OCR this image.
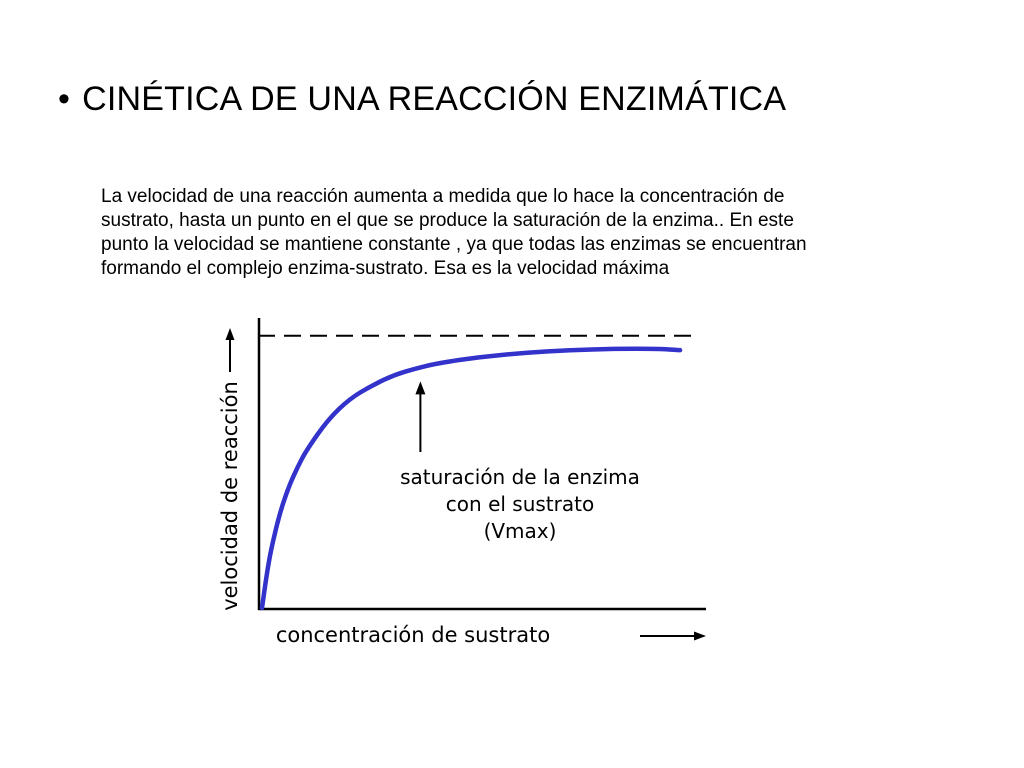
• CINÉTICA DE UNA REACCIÓN ENZIMÁTICA

La velocidad de una reacción aumenta a medida que lo hace la concentración de
sustrato, hasta un punto en el que se produce la saturación de la enzima.. En este
punto la velocidad se mantiene constante , ya que todas las enzimas se encuentran
formando el complejo enzima-sustrato. Esa es la velocidad máxima

saturación de la enzima
con el sustrato
(Vmax)
velocidad de reacción
concentración de sustrato
